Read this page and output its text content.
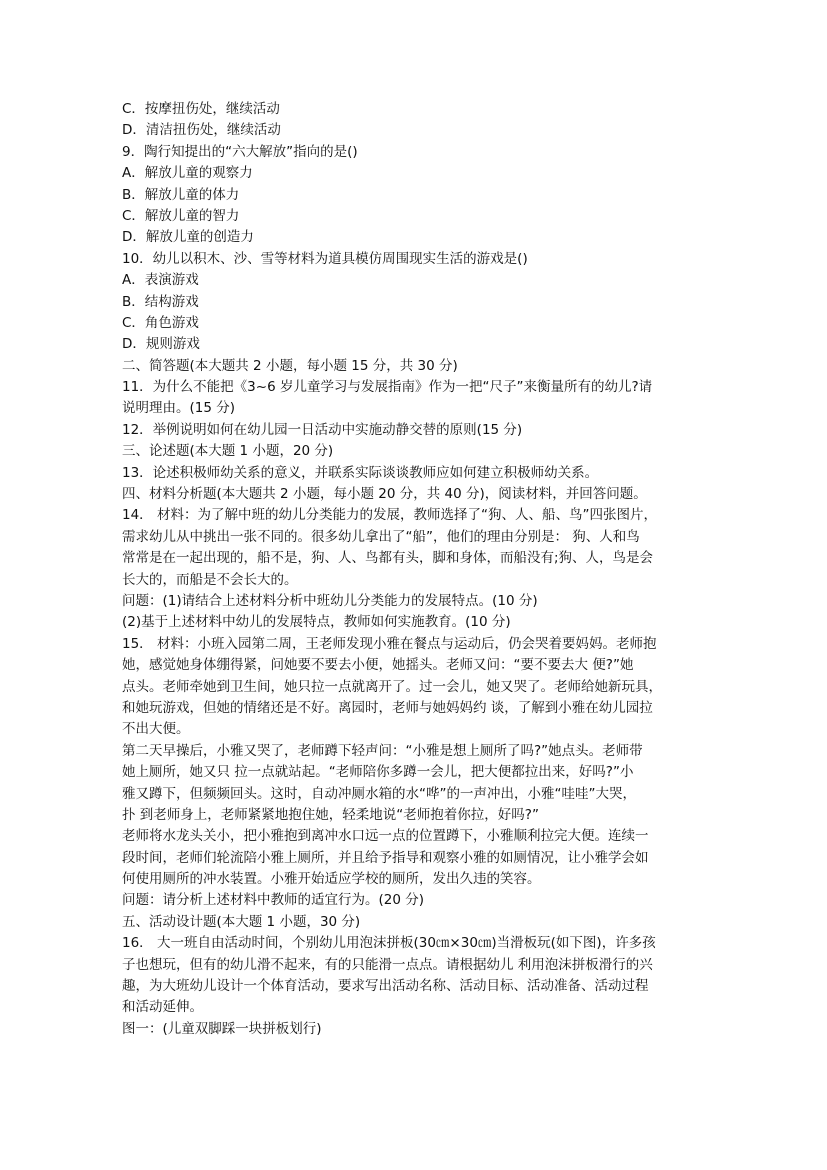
C．按摩扭伤处，继续活动
D．清洁扭伤处，继续活动
9．陶行知提出的“六大解放”指向的是()
A．解放儿童的观察力
B．解放儿童的体力
C．解放儿童的智力
D．解放儿童的创造力
10．幼儿以积木、沙、雪等材料为道具模仿周围现实生活的游戏是()
A．表演游戏
B．结构游戏
C．角色游戏
D．规则游戏
二、简答题(本大题共 2 小题，每小题 15 分，共 30 分)
11．为什么不能把《3~6 岁儿童学习与发展指南》作为一把“尺子”来衡量所有的幼儿?请
说明理由。(15 分)
12．举例说明如何在幼儿园一日活动中实施动静交替的原则(15 分)
三、论述题(本大题 1 小题，20 分)
13．论述积极师幼关系的意义，并联系实际谈谈教师应如何建立积极师幼关系。
四、材料分析题(本大题共 2 小题，每小题 20 分，共 40 分)，阅读材料，并回答问题。
14． 材料：为了解中班的幼儿分类能力的发展，教师选择了“狗、人、船、鸟”四张图片，
需求幼儿从中挑出一张不同的。很多幼儿拿出了“船”，他们的理由分别是： 狗、人和鸟
常常是在一起出现的，船不是，狗、人、鸟都有头，脚和身体，而船没有;狗、人，鸟是会
长大的，而船是不会长大的。
问题：(1)请结合上述材料分析中班幼儿分类能力的发展特点。(10 分)
(2)基于上述材料中幼儿的发展特点，教师如何实施教育。(10 分)
15． 材料：小班入园第二周，王老师发现小雅在餐点与运动后，仍会哭着要妈妈。老师抱
她，感觉她身体绷得紧，问她要不要去小便，她摇头。老师又问：“要不要去大 便?”她
点头。老师牵她到卫生间，她只拉一点就离开了。过一会儿，她又哭了。老师给她新玩具，
和她玩游戏，但她的情绪还是不好。离园时，老师与她妈妈约 谈，了解到小雅在幼儿园拉
不出大便。
第二天早操后，小雅又哭了，老师蹲下轻声问：“小雅是想上厕所了吗?”她点头。老师带
她上厕所，她又只 拉一点就站起。“老师陪你多蹲一会儿，把大便都拉出来，好吗?”小
雅又蹲下，但频频回头。这时，自动冲厕水箱的水“哗”的一声冲出，小雅“哇哇”大哭，
扑 到老师身上，老师紧紧地抱住她，轻柔地说“老师抱着你拉，好吗?”
老师将水龙头关小，把小雅抱到离冲水口远一点的位置蹲下，小雅顺利拉完大便。连续一
段时间，老师们轮流陪小雅上厕所，并且给予指导和观察小雅的如厕情况，让小雅学会如
何使用厕所的冲水装置。小雅开始适应学校的厕所，发出久违的笑容。
问题：请分析上述材料中教师的适宜行为。(20 分)
五、活动设计题(本大题 1 小题，30 分)
16． 大一班自由活动时间，个别幼儿用泡沫拼板(30㎝×30㎝)当滑板玩(如下图)，许多孩
子也想玩，但有的幼儿滑不起来，有的只能滑一点点。请根据幼儿 利用泡沫拼板滑行的兴
趣，为大班幼儿设计一个体育活动，要求写出活动名称、活动目标、活动准备、活动过程
和活动延伸。
图一：(儿童双脚踩一块拼板划行)
